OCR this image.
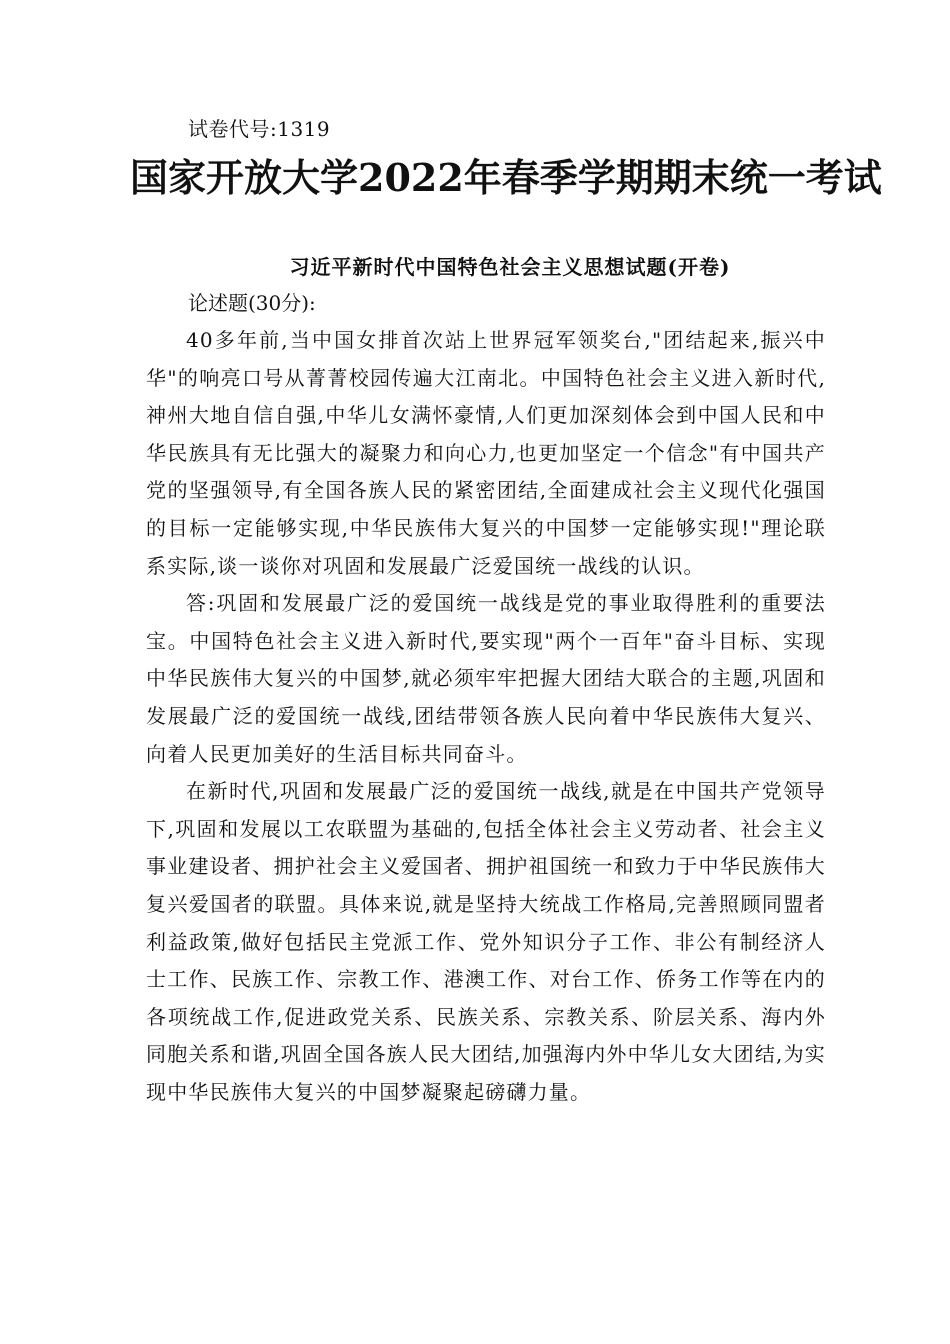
试卷代号:1319
国家开放大学2022年春季学期期末统一考试
习近平新时代中国特色社会主义思想试题(开卷)
论述题(30分):

40多年前,当中国女排首次站上世界冠军领奖台,"团结起来,振兴中华"的响亮口号从菁菁校园传遍大江南北。中国特色社会主义进入新时代,神州大地自信自强,中华儿女满怀豪情,人们更加深刻体会到中国人民和中华民族具有无比强大的凝聚力和向心力,也更加坚定一个信念"有中国共产党的坚强领导,有全国各族人民的紧密团结,全面建成社会主义现代化强国的目标一定能够实现,中华民族伟大复兴的中国梦一定能够实现!"理论联系实际,谈一谈你对巩固和发展最广泛爱国统一战线的认识。

答:巩固和发展最广泛的爱国统一战线是党的事业取得胜利的重要法宝。中国特色社会主义进入新时代,要实现"两个一百年"奋斗目标、实现中华民族伟大复兴的中国梦,就必须牢牢把握大团结大联合的主题,巩固和发展最广泛的爱国统一战线,团结带领各族人民向着中华民族伟大复兴、向着人民更加美好的生活目标共同奋斗。

在新时代,巩固和发展最广泛的爱国统一战线,就是在中国共产党领导下,巩固和发展以工农联盟为基础的,包括全体社会主义劳动者、社会主义事业建设者、拥护社会主义爱国者、拥护祖国统一和致力于中华民族伟大复兴爱国者的联盟。具体来说,就是坚持大统战工作格局,完善照顾同盟者利益政策,做好包括民主党派工作、党外知识分子工作、非公有制经济人士工作、民族工作、宗教工作、港澳工作、对台工作、侨务工作等在内的各项统战工作,促进政党关系、民族关系、宗教关系、阶层关系、海内外同胞关系和谐,巩固全国各族人民大团结,加强海内外中华儿女大团结,为实现中华民族伟大复兴的中国梦凝聚起磅礴力量。
